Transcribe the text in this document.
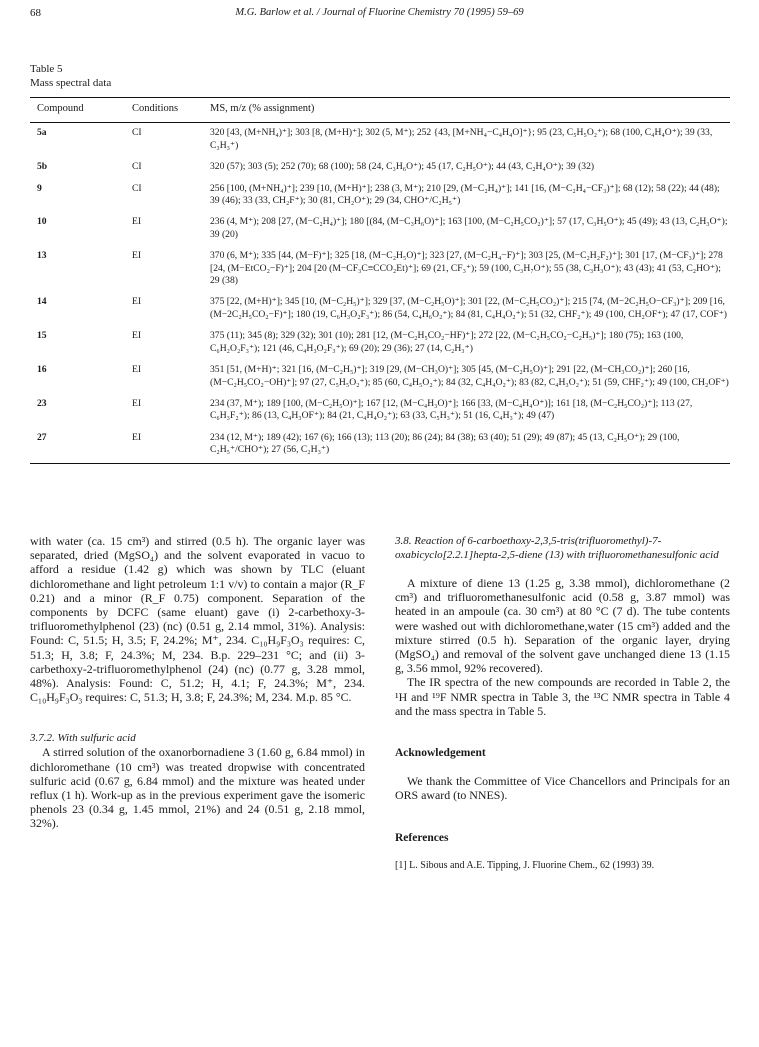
68	M.G. Barlow et al. / Journal of Fluorine Chemistry 70 (1995) 59–69
Table 5
Mass spectral data
Compound	Conditions	MS, m/z (% assignment)
5a	CI	320 [43, (M+NH₄)⁺]; 303 [8, (M+H)⁺]; 302 (5, M⁺); 252 {43, [M+NH₄−C₄H₄O]⁺}; 95 (23, C₅H₅O₂⁺); 68 (100, C₄H₄O⁺); 39 (33, C₃H₃⁺)
5b	CI	320 (57); 303 (5); 252 (70); 68 (100); 58 (24, C₃H₆O⁺); 45 (17, C₂H₅O⁺); 44 (43, C₂H₄O⁺); 39 (32)
9	CI	256 [100, (M+NH₄)⁺]; 239 [10, (M+H)⁺]; 238 (3, M⁺); 210 [29, (M−C₂H₄)⁺]; 141 [16, (M−C₂H₄−CF₃)⁺]; 68 (12); 58 (22); 44 (48); 39 (46); 33 (33, CH₂F⁺); 30 (81, CH₂O⁺); 29 (34, CHO⁺/C₂H₅⁺)
10	EI	236 (4, M⁺); 208 [27, (M−C₂H₄)⁺]; 180 [(84, (M−C₃H₆O)⁺]; 163 [100, (M−C₂H₅CO₂)⁺]; 57 (17, C₃H₅O⁺); 45 (49); 43 (13, C₂H₃O⁺); 39 (20)
13	EI	370 (6, M⁺); 335 [44, (M−F)⁺]; 325 [18, (M−C₂H₅O)⁺]; 323 [27, (M−C₂H₄−F)⁺]; 303 [25, (M−C₂H₂F₂)⁺]; 301 [17, (M−CF₃)⁺]; 278 [24, (M−EtCO₂−F)⁺]; 204 [20 (M−CF₃C≡CCO₂Et)⁺]; 69 (21, CF₃⁺); 59 (100, C₃H₇O⁺); 55 (38, C₃H₃O⁺); 43 (43); 41 (53, C₂HO⁺); 29 (38)
14	EI	375 [22, (M+H)⁺]; 345 [10, (M−C₂H₅)⁺]; 329 [37, (M−C₂H₅O)⁺]; 301 [22, (M−C₂H₅CO₂)⁺]; 215 [74, (M−2C₂H₅O−CF₃)⁺]; 209 [16, (M−2C₂H₅CO₂−F)⁺]; 180 (19, C₆H₃O₂F₃⁺); 86 (54, C₄H₆O₂⁺); 84 (81, C₄H₄O₂⁺); 51 (32, CHF₂⁺); 49 (100, CH₂OF⁺); 47 (17, COF⁺)
15	EI	375 (11); 345 (8); 329 (32); 301 (10); 281 [12, (M−C₂H₅CO₂−HF)⁺]; 272 [22, (M−C₂H₅CO₂−C₂H₅)⁺]; 180 (75); 163 (100, C₆H₂O₂F₃⁺); 121 (46, C₄H₃O₂F₃⁺); 69 (20); 29 (36); 27 (14, C₂H₃⁺)
16	EI	351 [51, (M+H)⁺; 321 [16, (M−C₂H₅)⁺]; 319 [29, (M−CH₃O)⁺]; 305 [45, (M−C₂H₅O)⁺]; 291 [22, (M−CH₃CO₂)⁺]; 260 [16, (M−C₂H₅CO₂−OH)⁺]; 97 (27, C₅H₅O₂⁺); 85 (60, C₄H₅O₂⁺); 84 (32, C₄H₄O₂⁺); 83 (82, C₄H₃O₂⁺); 51 (59, CHF₂⁺); 49 (100, CH₂OF⁺)
23	EI	234 (37, M⁺); 189 [100, (M−C₂H₅O)⁺]; 167 [12, (M−C₄H₃O)⁺]; 166 [33, (M−C₄H₄O⁺)]; 161 [18, (M−C₂H₅CO₂)⁺]; 113 (27, C₆H₃F₂⁺); 86 (13, C₄H₃OF⁺); 84 (21, C₄H₄O₂⁺); 63 (33, C₅H₃⁺); 51 (16, C₄H₃⁺); 49 (47)
27	EI	234 (12, M⁺); 189 (42); 167 (6); 166 (13); 113 (20); 86 (24); 84 (38); 63 (40); 51 (29); 49 (87); 45 (13, C₂H₅O⁺); 29 (100, C₂H₅⁺/CHO⁺); 27 (56, C₂H₃⁺)

with water (ca. 15 cm³) and stirred (0.5 h). The organic layer was separated, dried (MgSO₄) and the solvent evaporated in vacuo to afford a residue (1.42 g) which was shown by TLC (eluant dichloromethane and light petroleum 1:1 v/v) to contain a major (R_F 0.21) and a minor (R_F 0.75) component. Separation of the components by DCFC (same eluant) gave (i) 2-carbethoxy-3-trifluoromethylphenol (23) (nc) (0.51 g, 2.14 mmol, 31%). Analysis: Found: C, 51.5; H, 3.5; F, 24.2%; M⁺, 234. C₁₀H₉F₃O₃ requires: C, 51.3; H, 3.8; F, 24.3%; M, 234. B.p. 229–231 °C; and (ii) 3-carbethoxy-2-trifluoromethylphenol (24) (nc) (0.77 g, 3.28 mmol, 48%). Analysis: Found: C, 51.2; H, 4.1; F, 24.3%; M⁺, 234. C₁₀H₉F₃O₃ requires: C, 51.3; H, 3.8; F, 24.3%; M, 234. M.p. 85 °C.

3.7.2. With sulfuric acid

A stirred solution of the oxanorbornadiene 3 (1.60 g, 6.84 mmol) in dichloromethane (10 cm³) was treated dropwise with concentrated sulfuric acid (0.67 g, 6.84 mmol) and the mixture was heated under reflux (1 h). Work-up as in the previous experiment gave the isomeric phenols 23 (0.34 g, 1.45 mmol, 21%) and 24 (0.51 g, 2.18 mmol, 32%).

3.8. Reaction of 6-carboethoxy-2,3,5-tris(trifluoromethyl)-7-oxabicyclo[2.2.1]hepta-2,5-diene (13) with trifluoromethanesulfonic acid

A mixture of diene 13 (1.25 g, 3.38 mmol), dichloromethane (2 cm³) and trifluoromethanesulfonic acid (0.58 g, 3.87 mmol) was heated in an ampoule (ca. 30 cm³) at 80 °C (7 d). The tube contents were washed out with dichloromethane,water (15 cm³) added and the mixture stirred (0.5 h). Separation of the organic layer, drying (MgSO₄) and removal of the solvent gave unchanged diene 13 (1.15 g, 3.56 mmol, 92% recovered).

The IR spectra of the new compounds are recorded in Table 2, the ¹H and ¹⁹F NMR spectra in Table 3, the ¹³C NMR spectra in Table 4 and the mass spectra in Table 5.

Acknowledgement

We thank the Committee of Vice Chancellors and Principals for an ORS award (to NNES).

References

[1] L. Sibous and A.E. Tipping, J. Fluorine Chem., 62 (1993) 39.
